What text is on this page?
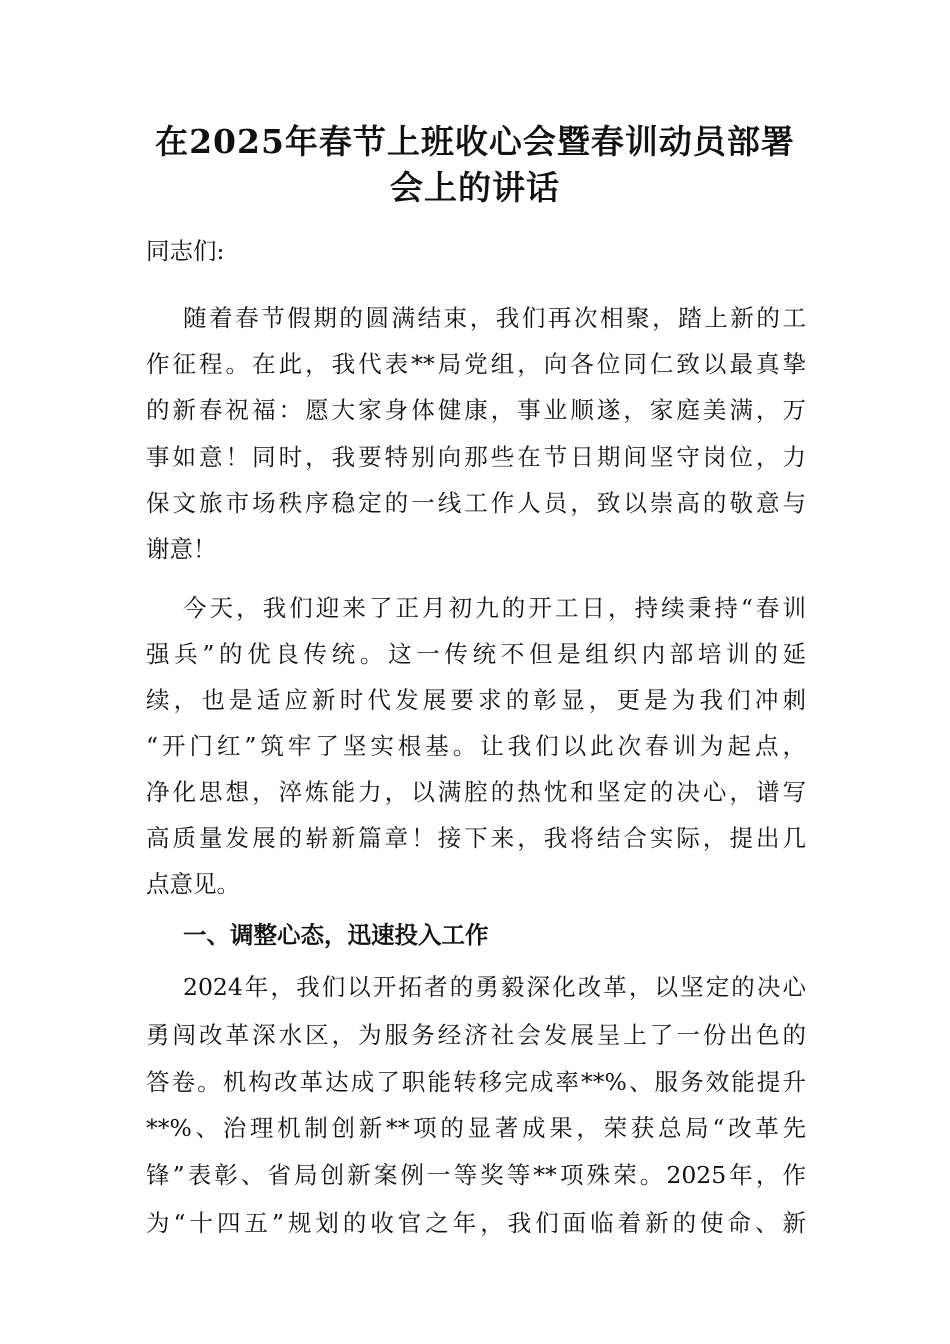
在2025年春节上班收心会暨春训动员部署
会上的讲话

同志们:

随着春节假期的圆满结束，我们再次相聚，踏上新的工

作征程。在此，我代表**局党组，向各位同仁致以最真挚

的新春祝福：愿大家身体健康，事业顺遂，家庭美满，万

事如意！同时，我要特别向那些在节日期间坚守岗位，力

保文旅市场秩序稳定的一线工作人员，致以崇高的敬意与

谢意！

今天，我们迎来了正月初九的开工日，持续秉持“春训

强兵”的优良传统。这一传统不但是组织内部培训的延

续，也是适应新时代发展要求的彰显，更是为我们冲刺

“开门红”筑牢了坚实根基。让我们以此次春训为起点，

净化思想，淬炼能力，以满腔的热忱和坚定的决心，谱写

高质量发展的崭新篇章！接下来，我将结合实际，提出几

点意见。

一、调整心态，迅速投入工作

2024年，我们以开拓者的勇毅深化改革，以坚定的决心

勇闯改革深水区，为服务经济社会发展呈上了一份出色的

答卷。机构改革达成了职能转移完成率**%、服务效能提升

**%、治理机制创新**项的显著成果，荣获总局“改革先

锋”表彰、省局创新案例一等奖等**项殊荣。2025年，作

为“十四五”规划的收官之年，我们面临着新的使命、新
